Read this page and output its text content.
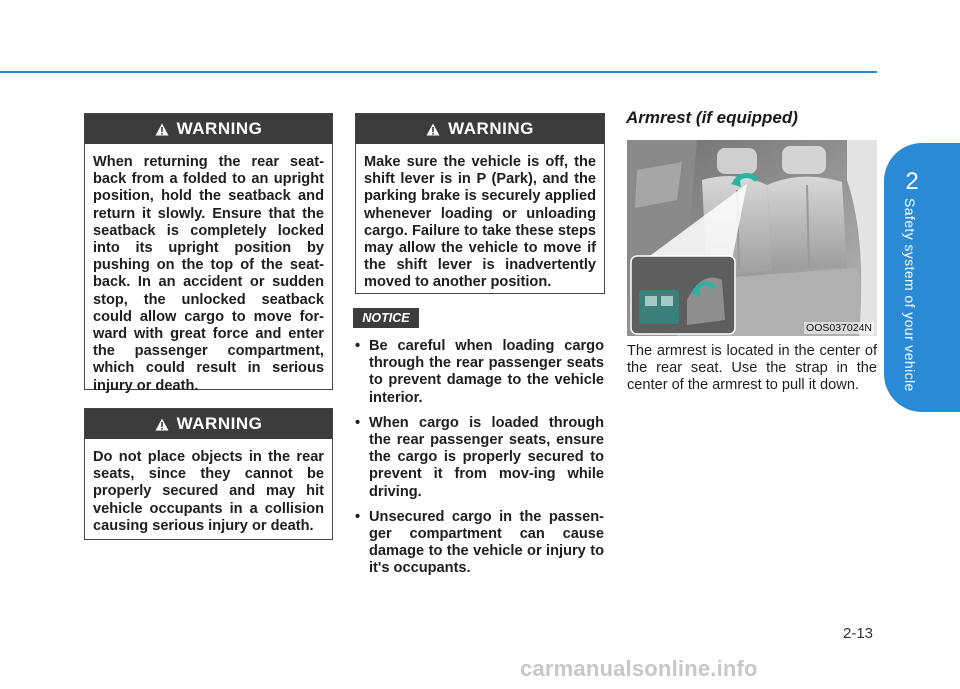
2
Safety system of your vehicle
WARNING
When returning the rear seat-back from a folded to an upright position, hold the seatback and return it slowly. Ensure that the seatback is completely locked into its upright position by pushing on the top of the seat-back. In an accident or sudden stop, the unlocked seatback could allow cargo to move for-ward with great force and enter the passenger compartment, which could result in serious injury or death.
WARNING
Do not place objects in the rear seats, since they cannot be properly secured and may hit vehicle occupants in a collision causing serious injury or death.
WARNING
Make sure the vehicle is off, the shift lever is in P (Park), and the parking brake is securely applied whenever loading or unloading cargo. Failure to take these steps may allow the vehicle to move if the shift lever is inadvertently moved to another position.
NOTICE
• Be careful when loading cargo through the rear passenger seats to prevent damage to the vehicle interior.
• When cargo is loaded through the rear passenger seats, ensure the cargo is properly secured to prevent it from mov-ing while driving.
• Unsecured cargo in the passen-ger compartment can cause damage to the vehicle or injury to it's occupants.
Armrest (if equipped)
OOS037024N
The armrest is located in the center of the rear seat. Use the strap in the center of the armrest to pull it down.
2-13
carmanualsonline.info
